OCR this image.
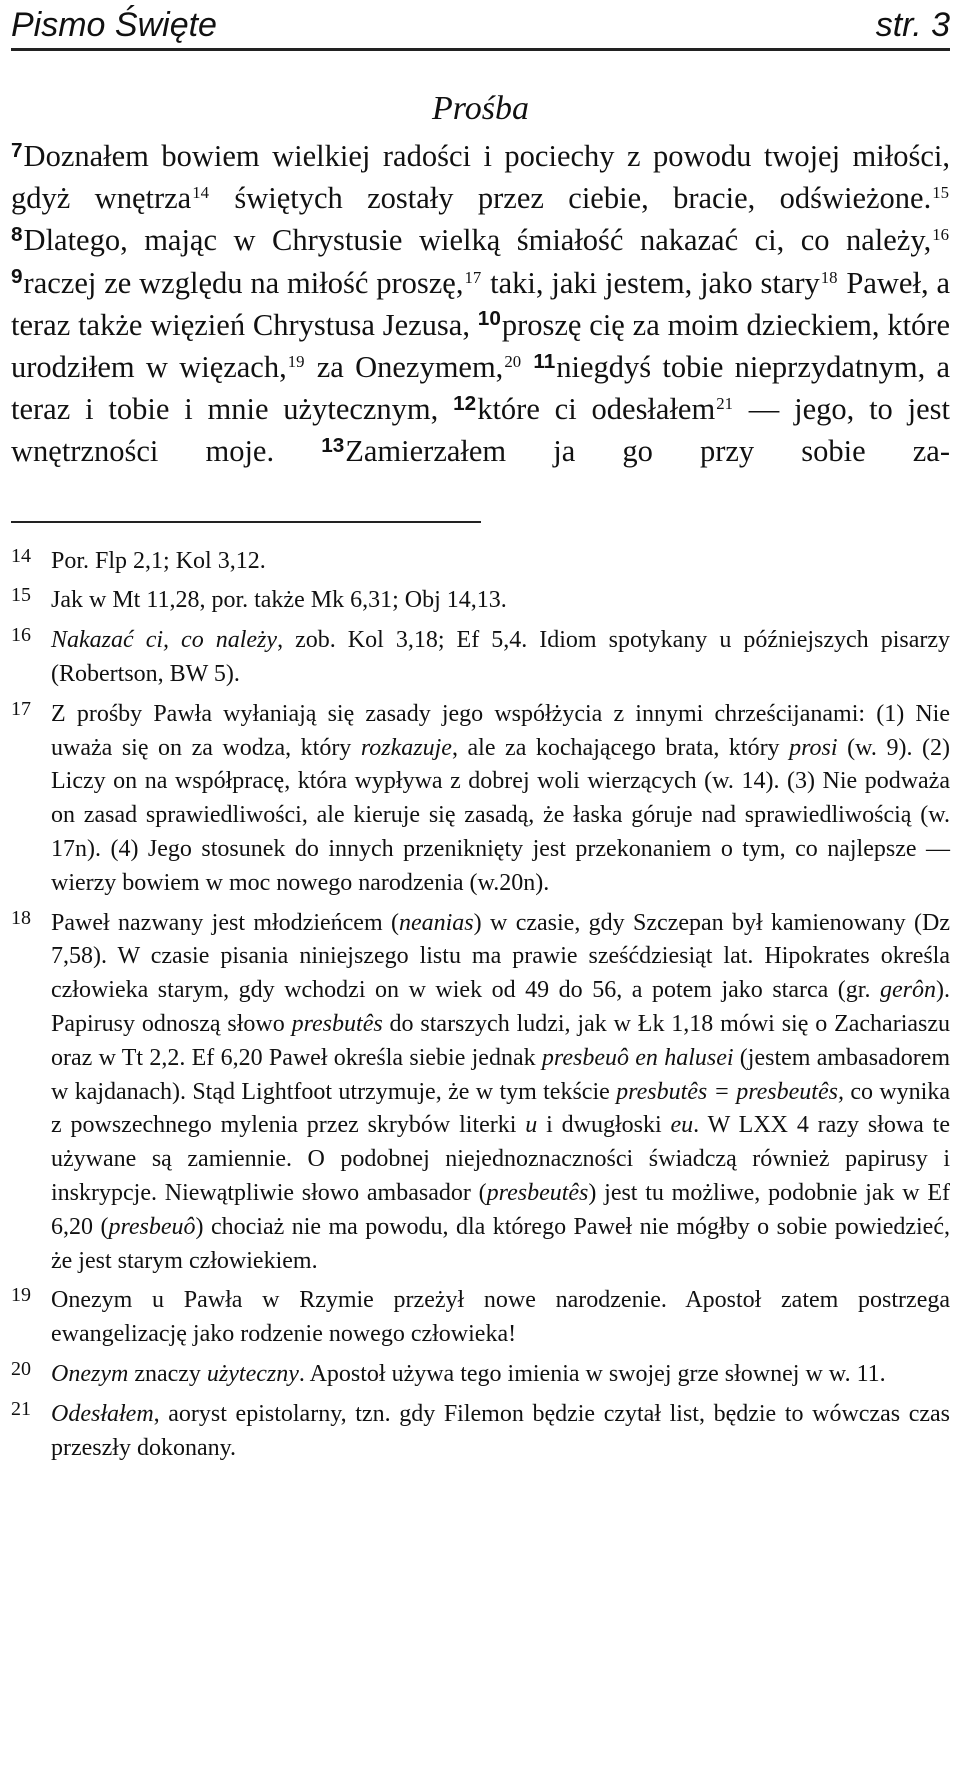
Pismo Święte	str. 3
Prośba

$^7$Doznałem bowiem wielkiej radości i pociechy z powodu twojej miłości, gdyż wnętrza$^{14}$ świętych zostały przez ciebie, bracie, odświeżone.$^{15}$ $^8$Dlatego, mając w Chrystusie wielką śmiałość nakazać ci, co należy,$^{16}$ $^9$raczej ze względu na miłość proszę,$^{17}$ taki, jaki jestem, jako stary$^{18}$ Paweł, a teraz także więzień Chrystusa Jezusa, $^{10}$proszę cię za moim dzieckiem, które urodziłem w więzach,$^{19}$ za Onezymem,$^{20}$ $^{11}$niegdyś tobie nieprzydatnym, a teraz i tobie i mnie użytecznym, $^{12}$które ci odesłałem$^{21}$ — jego, to jest wnętrzności moje. $^{13}$Zamierzałem ja go przy sobie za-

14 Por. Flp 2,1; Kol 3,12.
15 Jak w Mt 11,28, por. także Mk 6,31; Obj 14,13.
16 Nakazać ci, co należy, zob. Kol 3,18; Ef 5,4. Idiom spotykany u późniejszych pisarzy (Robertson, BW 5).
17 Z prośby Pawła wyłaniają się zasady jego współżycia z innymi chrześcijanami: (1) Nie uważa się on za wodza, który rozkazuje, ale za kochającego brata, który prosi (w. 9). (2) Liczy on na współpracę, która wypływa z dobrej woli wierzących (w. 14). (3) Nie podważa on zasad sprawiedliwości, ale kieruje się zasadą, że łaska góruje nad sprawiedliwością (w. 17n). (4) Jego stosunek do innych przeniknięty jest przekonaniem o tym, co najlepsze — wierzy bowiem w moc nowego narodzenia (w.20n).
18 Paweł nazwany jest młodzieńcem (neanias) w czasie, gdy Szczepan był kamienowany (Dz 7,58). W czasie pisania niniejszego listu ma prawie sześćdziesiąt lat. Hipokrates określa człowieka starym, gdy wchodzi on w wiek od 49 do 56, a potem jako starca (gr. gerôn). Papirusy odnoszą słowo presbutês do starszych ludzi, jak w Łk 1,18 mówi się o Zachariaszu oraz w Tt 2,2. Ef 6,20 Paweł określa siebie jednak presbeuô en halusei (jestem ambasadorem w kajdanach). Stąd Lightfoot utrzymuje, że w tym tekście presbutês = presbeutês, co wynika z powszechnego mylenia przez skrybów literki u i dwugłoski eu. W LXX 4 razy słowa te używane są zamiennie. O podobnej niejednoznaczności świadczą również papirusy i inskrypcje. Niewątpliwie słowo ambasador (presbeutês) jest tu możliwe, podobnie jak w Ef 6,20 (presbeuô) chociaż nie ma powodu, dla którego Paweł nie mógłby o sobie powiedzieć, że jest starym człowiekiem.
19 Onezym u Pawła w Rzymie przeżył nowe narodzenie. Apostoł zatem postrzega ewangelizację jako rodzenie nowego człowieka!
20 Onezym znaczy użyteczny. Apostoł używa tego imienia w swojej grze słownej w w. 11.
21 Odesłałem, aoryst epistolarny, tzn. gdy Filemon będzie czytał list, będzie to wówczas czas przeszły dokonany.
